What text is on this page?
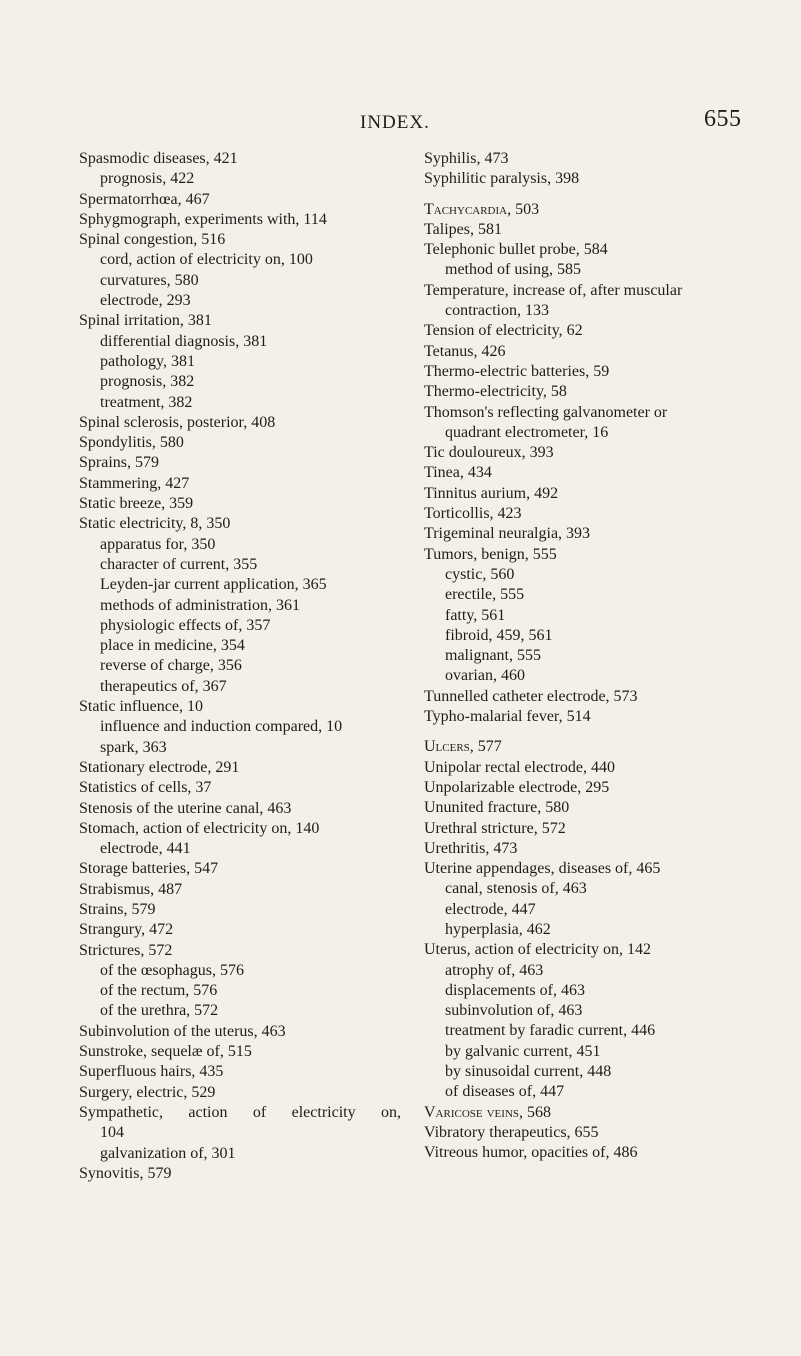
INDEX.	655
Spasmodic diseases, 421
prognosis, 422
Spermatorrhœa, 467
Sphygmograph, experiments with, 114
Spinal congestion, 516
cord, action of electricity on, 100
curvatures, 580
electrode, 293
Spinal irritation, 381
differential diagnosis, 381
pathology, 381
prognosis, 382
treatment, 382
Spinal sclerosis, posterior, 408
Spondylitis, 580
Sprains, 579
Stammering, 427
Static breeze, 359
Static electricity, 8, 350
apparatus for, 350
character of current, 355
Leyden-jar current application, 365
methods of administration, 361
physiologic effects of, 357
place in medicine, 354
reverse of charge, 356
therapeutics of, 367
Static influence, 10
influence and induction compared, 10
spark, 363
Stationary electrode, 291
Statistics of cells, 37
Stenosis of the uterine canal, 463
Stomach, action of electricity on, 140
electrode, 441
Storage batteries, 547
Strabismus, 487
Strains, 579
Strangury, 472
Strictures, 572
of the œsophagus, 576
of the rectum, 576
of the urethra, 572
Subinvolution of the uterus, 463
Sunstroke, sequelæ of, 515
Superfluous hairs, 435
Surgery, electric, 529
Sympathetic, action of electricity on,
104
galvanization of, 301
Synovitis, 579
Syphilis, 473
Syphilitic paralysis, 398
Tachycardia, 503
Talipes, 581
Telephonic bullet probe, 584
method of using, 585
Temperature, increase of, after muscular
contraction, 133
Tension of electricity, 62
Tetanus, 426
Thermo-electric batteries, 59
Thermo-electricity, 58
Thomson's reflecting galvanometer or
quadrant electrometer, 16
Tic douloureux, 393
Tinea, 434
Tinnitus aurium, 492
Torticollis, 423
Trigeminal neuralgia, 393
Tumors, benign, 555
cystic, 560
erectile, 555
fatty, 561
fibroid, 459, 561
malignant, 555
ovarian, 460
Tunnelled catheter electrode, 573
Typho-malarial fever, 514
Ulcers, 577
Unipolar rectal electrode, 440
Unpolarizable electrode, 295
Ununited fracture, 580
Urethral stricture, 572
Urethritis, 473
Uterine appendages, diseases of, 465
canal, stenosis of, 463
electrode, 447
hyperplasia, 462
Uterus, action of electricity on, 142
atrophy of, 463
displacements of, 463
subinvolution of, 463
treatment by faradic current, 446
by galvanic current, 451
by sinusoidal current, 448
of diseases of, 447
Varicose veins, 568
Vibratory therapeutics, 655
Vitreous humor, opacities of, 486
